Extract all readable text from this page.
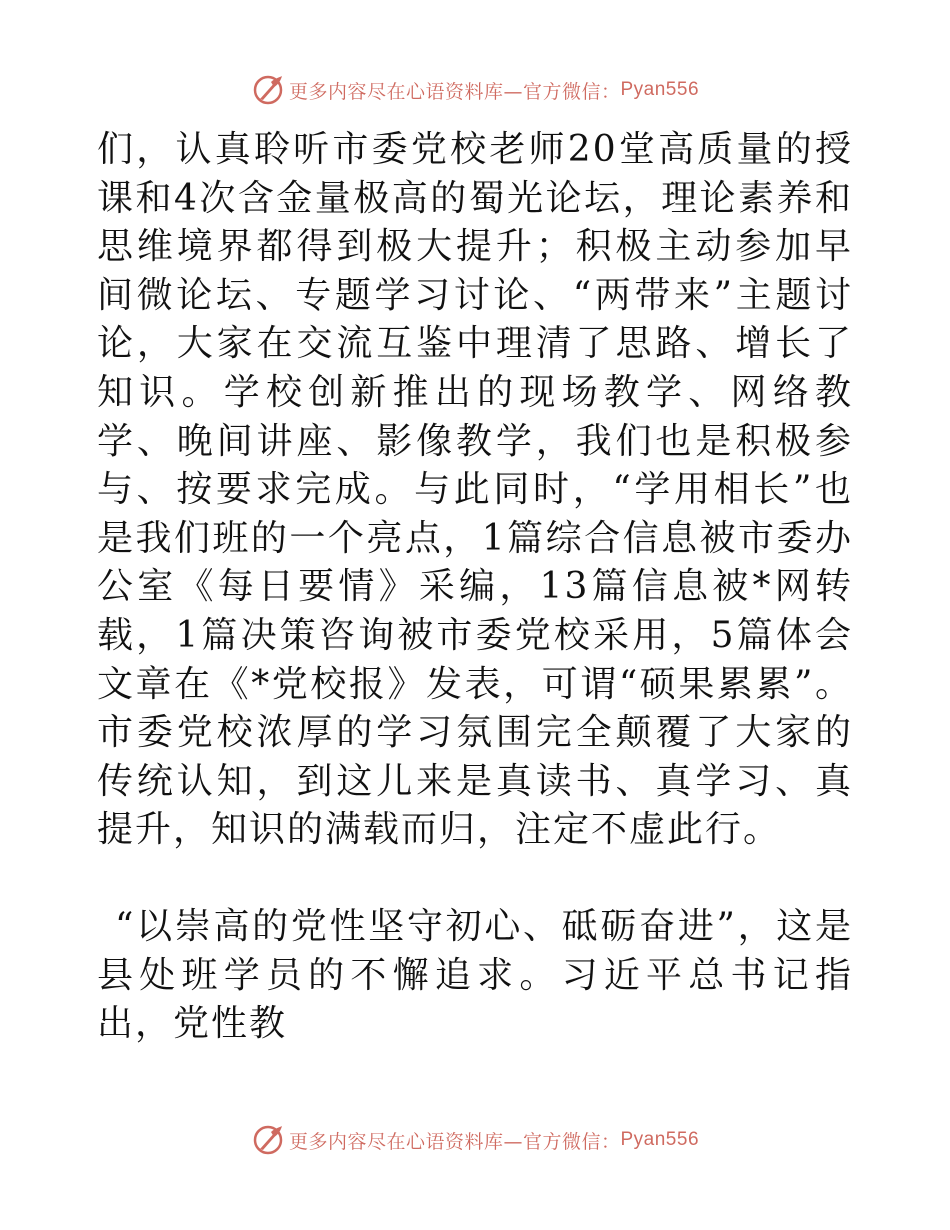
更多内容尽在心语资料库— 官方微信： Pyan556

们，认真聆听市委党校老师20堂高质量的授课和4次含金量极高的蜀光论坛，理论素养和思维境界都得到极大提升；积极主动参加早间微论坛、专题学习讨论、“两带来”主题讨论，大家在交流互鉴中理清了思路、增长了知识。学校创新推出的现场教学、网络教学、晚间讲座、影像教学，我们也是积极参与、按要求完成。与此同时，“学用相长”也是我们班的一个亮点，1篇综合信息被市委办公室《每日要情》采编，13篇信息被*网转载，1篇决策咨询被市委党校采用，5篇体会文章在《*党校报》发表，可谓“硕果累累”。市委党校浓厚的学习氛围完全颠覆了大家的传统认知，到这儿来是真读书、真学习、真提升，知识的满载而归，注定不虚此行。

“以崇高的党性坚守初心、砥砺奋进”，这是县处班学员的不懈追求。习近平总书记指出，党性教

更多内容尽在心语资料库— 官方微信： Pyan556
